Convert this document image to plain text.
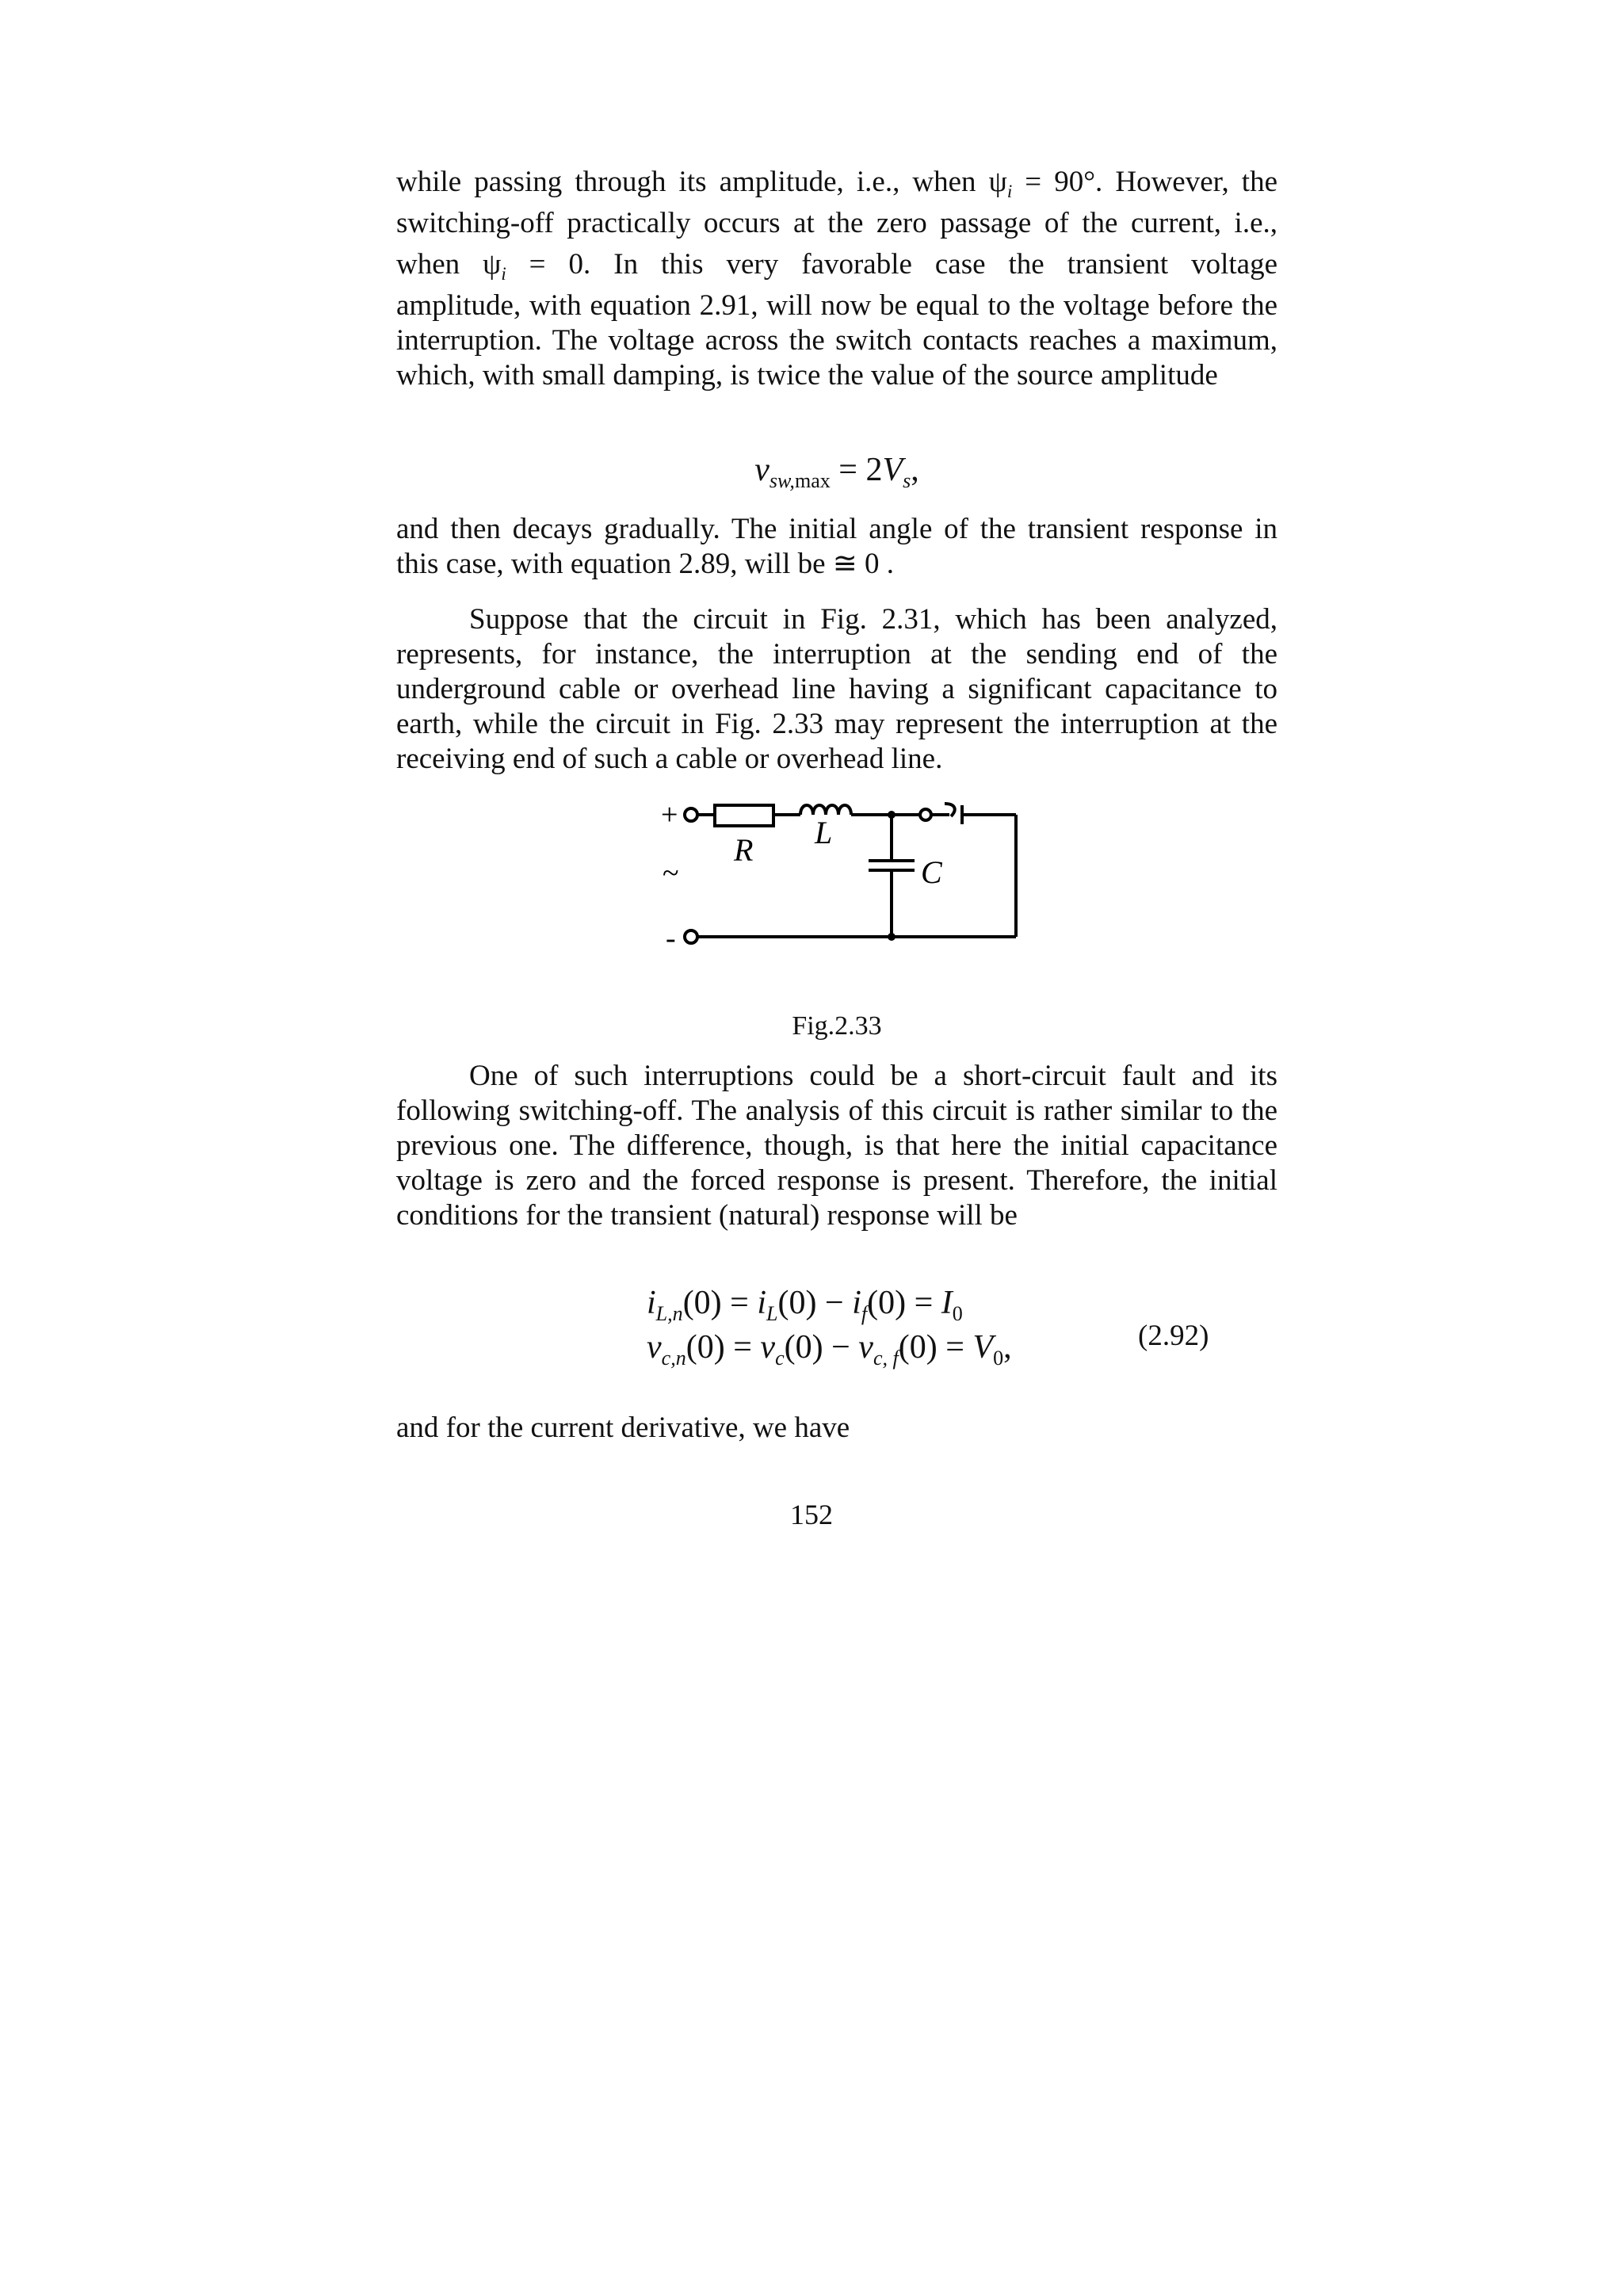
while passing through its amplitude, i.e., when $\psi_i = 90^\circ$. However, the

switching-off practically occurs at the zero passage of the current, i.e.,

when $\psi_i = 0$. In this very favorable case the transient voltage

amplitude, with equation 2.91, will now be equal to the voltage before the interruption. The voltage across the switch contacts reaches a maximum, which, with small damping, is twice the value of the source amplitude

$v_{sw,max} = 2V_s$,

and then decays gradually. The initial angle of the transient response in this case, with equation 2.89, will be ≅ 0 .

Suppose that the circuit in Fig. 2.31, which has been analyzed, represents, for instance, the interruption at the sending end of the underground cable or overhead line having a significant capacitance to earth, while the circuit in Fig. 2.33 may represent the interruption at the receiving end of such a cable or overhead line.

+
~
-
R L
C
Fig.2.33

One of such interruptions could be a short-circuit fault and its following switching-off. The analysis of this circuit is rather similar to the previous one. The difference, though, is that here the initial capacitance voltage is zero and the forced response is present. Therefore, the initial conditions for the transient (natural) response will be

$i_{L,n}(0) = i_L(0) - i_f(0) = I_0$
$v_{c,n}(0) = v_c(0) - v_{c, f}(0) = V_0$,	(2.92)

and for the current derivative, we have

152
